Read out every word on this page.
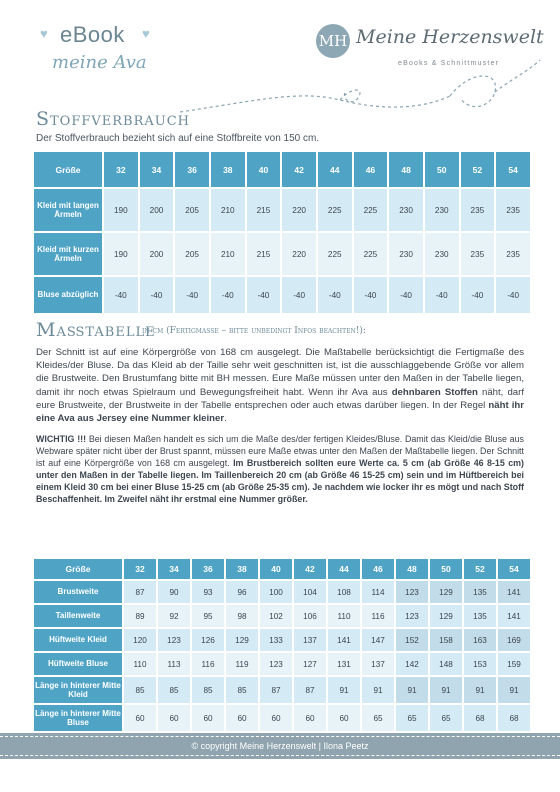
♥	♥
eBook
meine Ava
MH Meine Herzenswelt
eBooks & Schnittmuster
Stoffverbrauch
Der Stoffverbrauch bezieht sich auf eine Stoffbreite von 150 cm.
Größe	32	34	36	38	40	42	44	46	48	50	52	54
Kleid mit langen Ärmeln	190	200	205	210	215	220	225	225	230	230	235	235
Kleid mit kurzen Ärmeln	190	200	205	210	215	220	225	225	230	230	235	235
Bluse abzüglich	-40	-40	-40	-40	-40	-40	-40	-40	-40	-40	-40	-40
Maßtabelle
in cm (Fertigmaße – bitte unbedingt Infos beachten!):
Der Schnitt ist auf eine Körpergröße von 168 cm ausgelegt. Die Maßtabelle berücksichtigt die Fertigmaße des Kleides/der Bluse. Da das Kleid ab der Taille sehr weit geschnitten ist, ist die ausschlaggebende Größe vor allem die Brustweite. Den Brustumfang bitte mit BH messen. Eure Maße müssen unter den Maßen in der Tabelle liegen, damit ihr noch etwas Spielraum und Bewegungsfreiheit habt. Wenn ihr Ava aus dehnbaren Stoffen näht, darf eure Brustweite, der Brustweite in der Tabelle entsprechen oder auch etwas darüber liegen. In der Regel näht ihr eine Ava aus Jersey eine Nummer kleiner.
WICHTIG !!! Bei diesen Maßen handelt es sich um die Maße des/der fertigen Kleides/Bluse. Damit das Kleid/die Bluse aus Webware später nicht über der Brust spannt, müssen eure Maße etwas unter den Maßen der Maßtabelle liegen. Der Schnitt ist auf eine Körpergröße von 168 cm ausgelegt. Im Brustbereich sollten eure Werte ca. 5 cm (ab Größe 46 8-15 cm) unter den Maßen in der Tabelle liegen. Im Taillenbereich 20 cm (ab Größe 46 15-25 cm) sein und im Hüftbereich bei einem Kleid 30 cm bei einer Bluse 15-25 cm (ab Größe 25-35 cm). Je nachdem wie locker ihr es mögt und nach Stoff Beschaffenheit. Im Zweifel näht ihr erstmal eine Nummer größer.
Größe	32	34	36	38	40	42	44	46	48	50	52	54
Brustweite	87	90	93	96	100	104	108	114	123	129	135	141
Taillenweite	89	92	95	98	102	106	110	116	123	129	135	141
Hüftweite Kleid	120	123	126	129	133	137	141	147	152	158	163	169
Hüftweite Bluse	110	113	116	119	123	127	131	137	142	148	153	159
Länge in hinterer Mitte Kleid	85	85	85	85	87	87	91	91	91	91	91	91
Länge in hinterer Mitte Bluse	60	60	60	60	60	60	60	65	65	65	68	68
© copyright Meine Herzenswelt | Ilona Peetz
